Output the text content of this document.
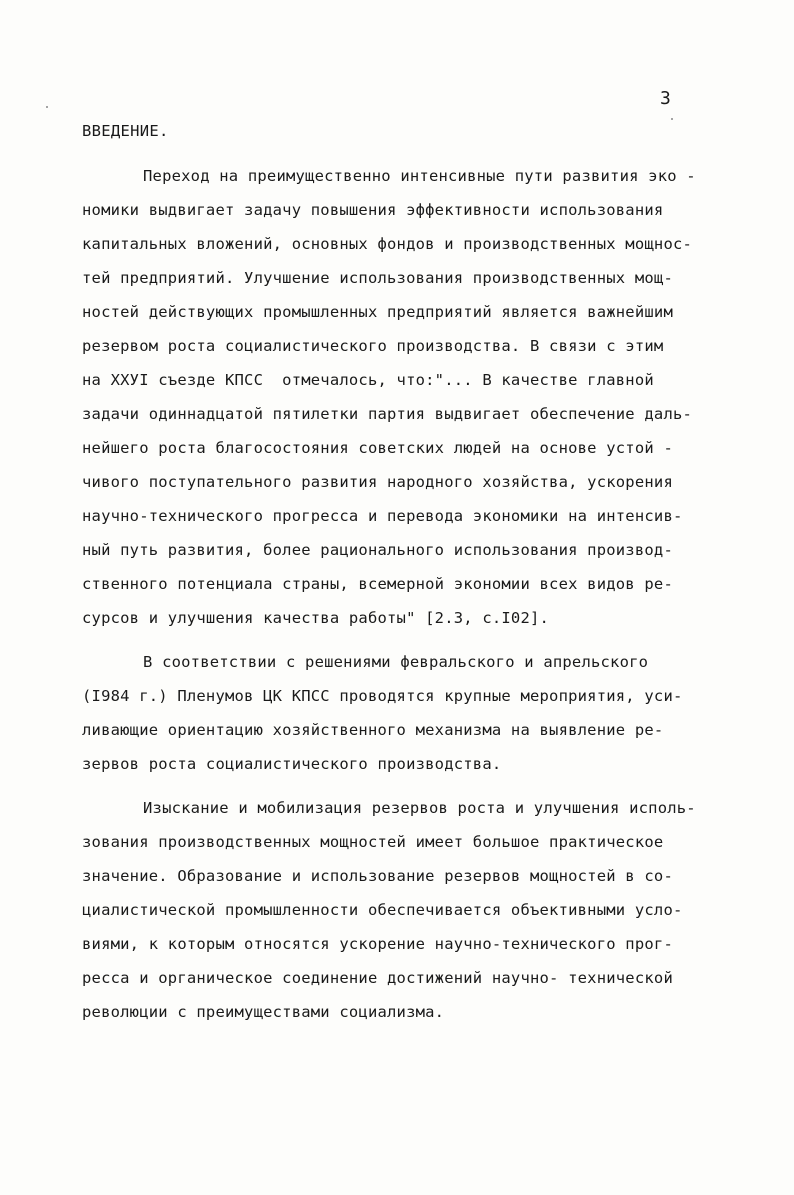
3
ВВЕДЕНИЕ.
Переход на преимущественно интенсивные пути развития эко -
номики выдвигает задачу повышения эффективности использования
капитальных вложений, основных фондов и производственных мощнос-
тей предприятий. Улучшение использования производственных мощ-
ностей действующих промышленных предприятий является важнейшим
резервом роста социалистического производства. В связи с этим
на XXУI съезде КПСС  отмечалось, что:"... В качестве главной
задачи одиннадцатой пятилетки партия выдвигает обеспечение даль-
нейшего роста благосостояния советских людей на основе устой -
чивого поступательного развития народного хозяйства, ускорения
научно-технического прогресса и перевода экономики на интенсив-
ный путь развития, более рационального использования производ-
ственного потенциала страны, всемерной экономии всех видов ре-
сурсов и улучшения качества работы" [2.3, с.I02].
В соответствии с решениями февральского и апрельского
(I984 г.) Пленумов ЦК КПСС проводятся крупные мероприятия, уси-
ливающие ориентацию хозяйственного механизма на выявление ре-
зервов роста социалистического производства.
Изыскание и мобилизация резервов роста и улучшения исполь-
зования производственных мощностей имеет большое практическое
значение. Образование и использование резервов мощностей в со-
циалистической промышленности обеспечивается объективными усло-
виями, к которым относятся ускорение научно-технического прог-
ресса и органическое соединение достижений научно- технической
революции с преимуществами социализма.
